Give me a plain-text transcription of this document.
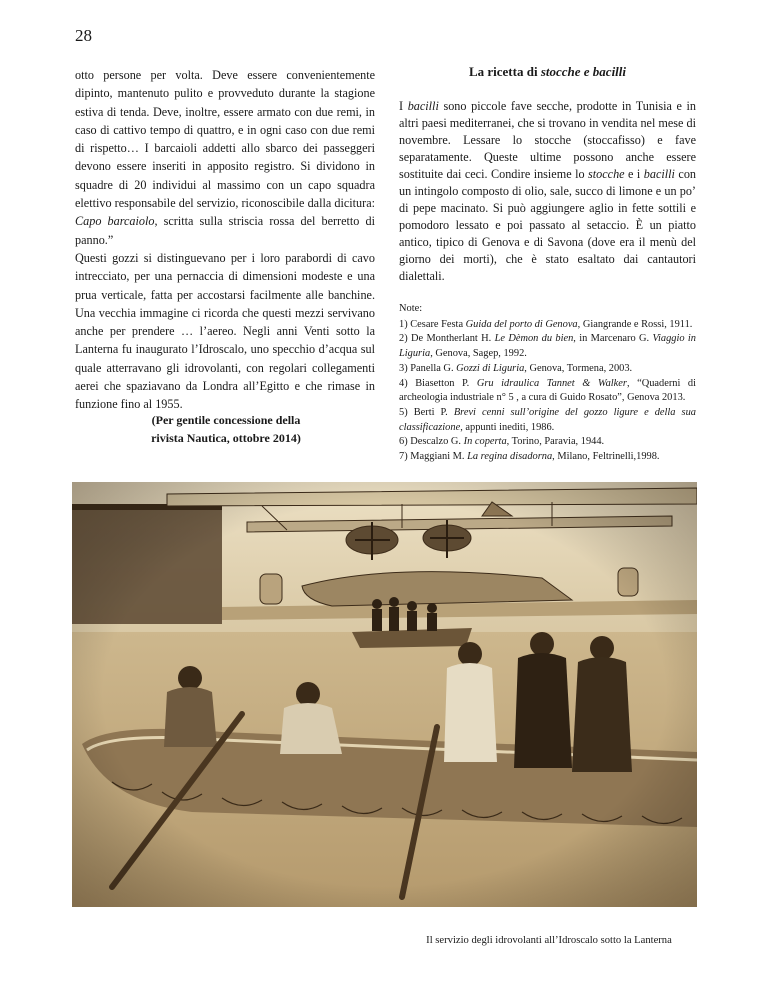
28

otto persone per volta. Deve essere convenientemente dipinto, mantenuto pulito e provveduto durante la stagione estiva di tenda. Deve, inoltre, essere armato con due remi, in caso di cattivo tempo di quattro, e in ogni caso con due remi di rispetto… I barcaioli addetti allo sbarco dei passeggeri devono essere inseriti in apposito registro. Si dividono in squadre di 20 individui al massimo con un capo squadra elettivo responsabile del servizio, riconoscibile dalla dicitura: Capo barcaiolo, scritta sulla striscia rossa del berretto di panno.”

Questi gozzi si distinguevano per i loro parabordi di cavo intrecciato, per una pernaccia di dimensioni modeste e una prua verticale, fatta per accostarsi facilmente alle banchine. Una vecchia immagine ci ricorda che questi mezzi servivano anche per prendere … l’aereo. Negli anni Venti sotto la Lanterna fu inaugurato l’Idroscalo, uno specchio d’acqua sul quale atterravano gli idrovolanti, con regolari collegamenti aerei che spaziavano da Londra all’Egitto e che rimase in funzione fino al 1955.

(Per gentile concessione della
rivista Nautica, ottobre 2014)
La ricetta di stocche e bacilli

I bacilli sono piccole fave secche, prodotte in Tunisia e in altri paesi mediterranei, che si trovano in vendita nel mese di novembre. Lessare lo stocche (stoccafisso) e fave separatamente. Queste ultime possono anche essere sostituite dai ceci. Condire insieme lo stocche e i bacilli con un intingolo composto di olio, sale, succo di limone e un po’ di pepe macinato. Si può aggiungere aglio in fette sottili e pomodoro lessato e poi passato al setaccio. È un piatto antico, tipico di Genova e di Savona (dove era il menù del giorno dei morti), che è stato esaltato dai cantautori dialettali.

Note:
1) Cesare Festa Guida del porto di Genova, Giangrande e Rossi, 1911.
2) De Montherlant H. Le Dèmon du bien, in Marcenaro G. Viaggio in Liguria, Genova, Sagep, 1992.
3) Panella G. Gozzi di Liguria, Genova, Tormena, 2003.
4) Biasetton P. Gru idraulica Tannet & Walker, “Quaderni di archeologia industriale n° 5 , a cura di Guido Rosato”, Genova 2013.
5) Berti P. Brevi cenni sull’origine del gozzo ligure e della sua classificazione, appunti inediti, 1986.
6) Descalzo G. In coperta, Torino, Paravia, 1944.
7) Maggiani M. La regina disadorna, Milano, Feltrinelli,1998.
Il servizio degli idrovolanti all’Idroscalo sotto la Lanterna
